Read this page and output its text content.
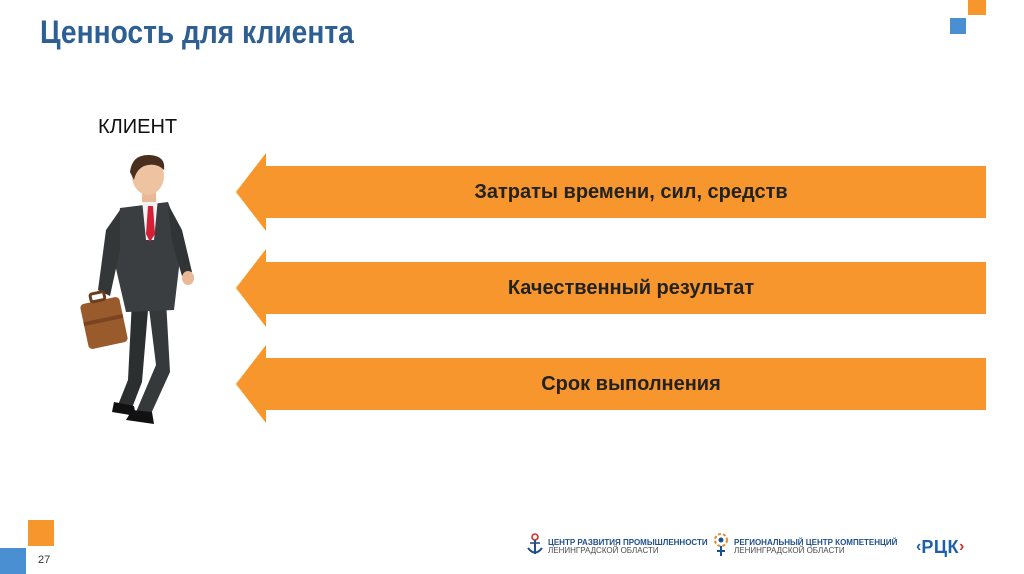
Ценность для клиента
КЛИЕНТ
Затраты времени, сил, средств
Качественный результат
Срок выполнения
27
ЦЕНТР РАЗВИТИЯ ПРОМЫШЛЕННОСТИ
ЛЕНИНГРАДСКОЙ ОБЛАСТИ
РЕГИОНАЛЬНЫЙ ЦЕНТР КОМПЕТЕНЦИЙ
ЛЕНИНГРАДСКОЙ ОБЛАСТИ	‹ РЦК ›
